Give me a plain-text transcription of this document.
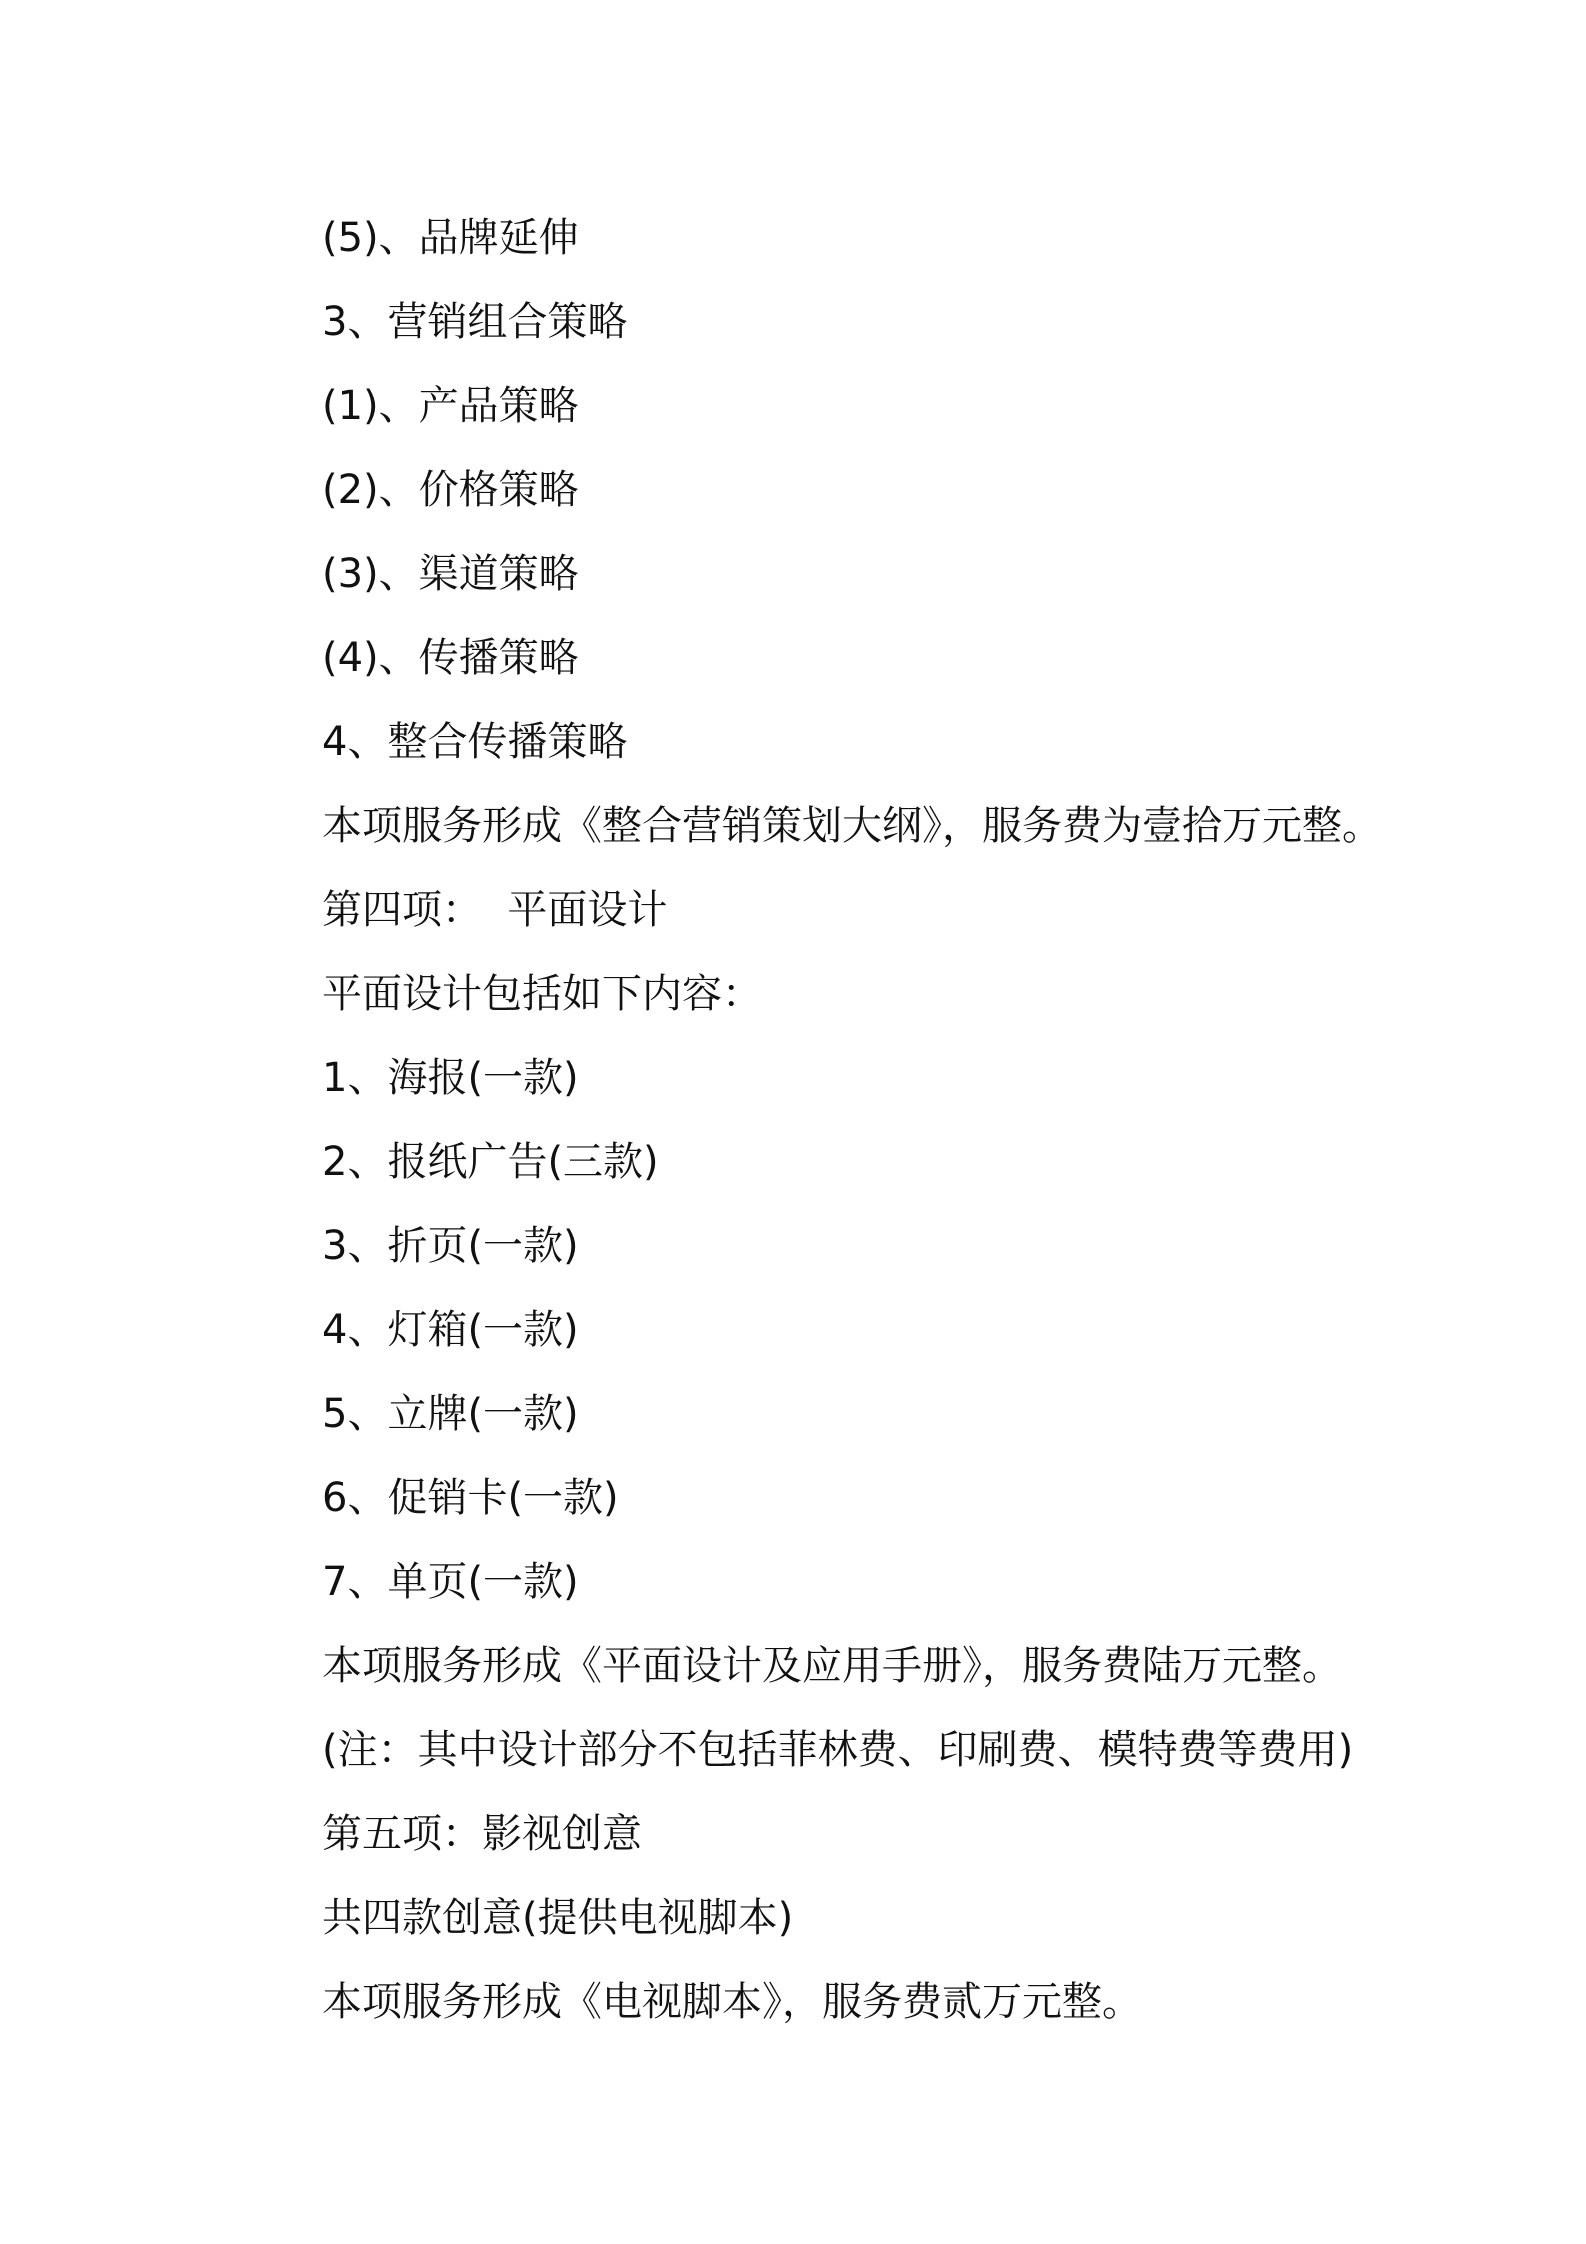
(5)、品牌延伸
3、营销组合策略
(1)、产品策略
(2)、价格策略
(3)、渠道策略
(4)、传播策略
4、整合传播策略
本项服务形成《整合营销策划大纲》，服务费为壹拾万元整。
第四项：  平面设计
平面设计包括如下内容：
1、海报(一款)
2、报纸广告(三款)
3、折页(一款)
4、灯箱(一款)
5、立牌(一款)
6、促销卡(一款)
7、单页(一款)
本项服务形成《平面设计及应用手册》，服务费陆万元整。
(注：其中设计部分不包括菲林费、印刷费、模特费等费用)
第五项：影视创意
共四款创意(提供电视脚本)
本项服务形成《电视脚本》，服务费贰万元整。
